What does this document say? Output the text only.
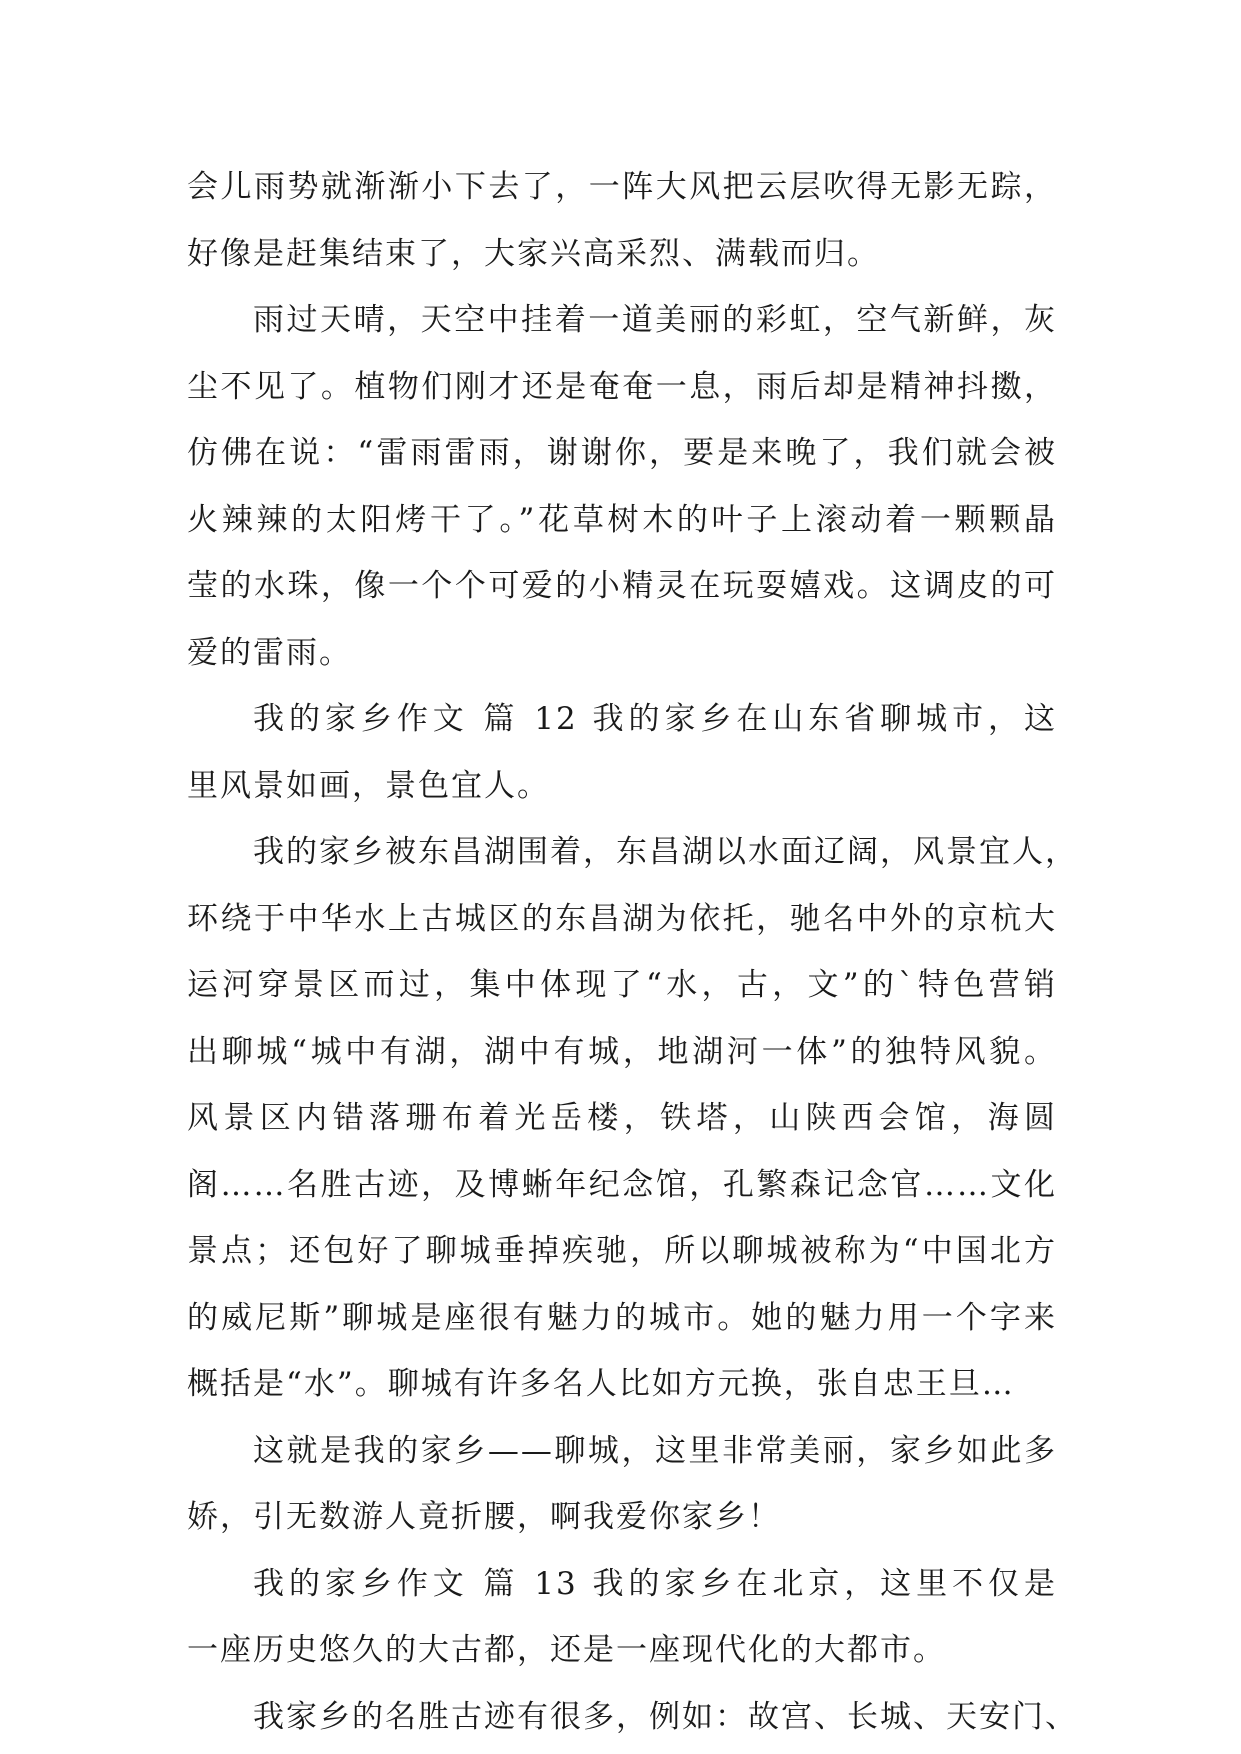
会儿雨势就渐渐小下去了，一阵大风把云层吹得无影无踪，
好像是赶集结束了，大家兴高采烈、满载而归。
雨过天晴，天空中挂着一道美丽的彩虹，空气新鲜，灰
尘不见了。植物们刚才还是奄奄一息，雨后却是精神抖擞，
仿佛在说：“雷雨雷雨，谢谢你，要是来晚了，我们就会被
火辣辣的太阳烤干了。”花草树木的叶子上滚动着一颗颗晶
莹的水珠，像一个个可爱的小精灵在玩耍嬉戏。这调皮的可
爱的雷雨。
我的家乡作文 篇 12 我的家乡在山东省聊城市，这
里风景如画，景色宜人。
我的家乡被东昌湖围着，东昌湖以水面辽阔，风景宜人，
环绕于中华水上古城区的东昌湖为依托，驰名中外的京杭大
运河穿景区而过，集中体现了“水，古，文”的`特色营销
出聊城“城中有湖，湖中有城，地湖河一体”的独特风貌。
风景区内错落珊布着光岳楼，铁塔，山陕西会馆，海圆
阁……名胜古迹，及博蜥年纪念馆，孔繁森记念官……文化
景点；还包好了聊城垂掉疾驰，所以聊城被称为“中国北方
的威尼斯”聊城是座很有魅力的城市。她的魅力用一个字来
概括是“水”。聊城有许多名人比如方元换，张自忠王旦…
这就是我的家乡——聊城，这里非常美丽，家乡如此多
娇，引无数游人竟折腰，啊我爱你家乡！
我的家乡作文 篇 13 我的家乡在北京，这里不仅是
一座历史悠久的大古都，还是一座现代化的大都市。
我家乡的名胜古迹有很多，例如：故宫、长城、天安门、
